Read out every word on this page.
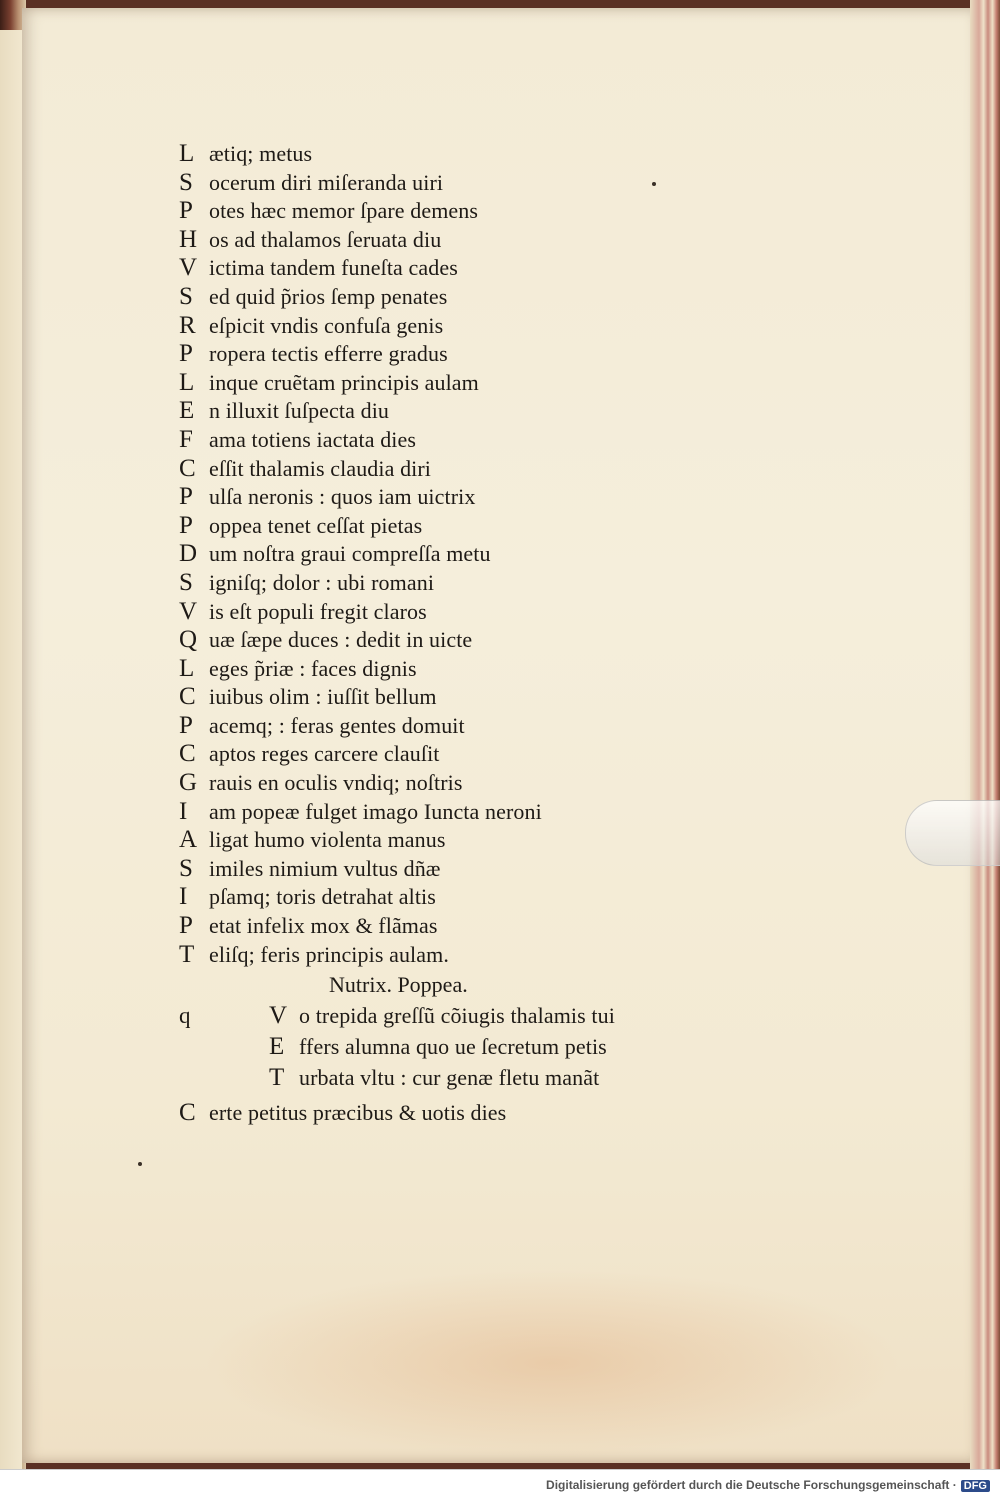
L ætiq; metus
S ocerum diri miſeranda uiri
P otes hæc memor ſpare demens
H os ad thalamos ſeruata diu
V ictima tandem funeſta cades
S ed quid p̃rios ſemp penates
R eſpicit vndis confuſa genis
P ropera tectis efferre gradus
L inque cruẽtam principis aulam
E n illuxit ſuſpecta diu
F ama totiens iactata dies
C eſſit thalamis claudia diri
P ulſa neronis : quos iam uictrix
P oppea tenet ceſſat pietas
D um noſtra graui compreſſa metu
S igniſq; dolor : ubi romani
V is eſt populi fregit claros
Q uæ ſæpe duces : dedit in uicte
L eges p̃riæ : faces dignis
C iuibus olim : iuſſit bellum
P acemq; : feras gentes domuit
C aptos reges carcere clauſit
G rauis en oculis vndiq; noſtris
I am popeæ fulget imago Iuncta neroni
A ligat humo violenta manus
S imiles nimium vultus dñæ
I pſamq; toris detrahat altis
P etat infelix mox & flãmas
T eliſq; feris principis aulam.
Nutrix. Poppea.
q	V o trepida greſſũ cõiugis thalamis tui
E ffers alumna quo ue ſecretum petis
T urbata vltu : cur genæ fletu manãt
C erte petitus præcibus & uotis dies
Digitalisierung gefördert durch die Deutsche Forschungsgemeinschaft · DFG
